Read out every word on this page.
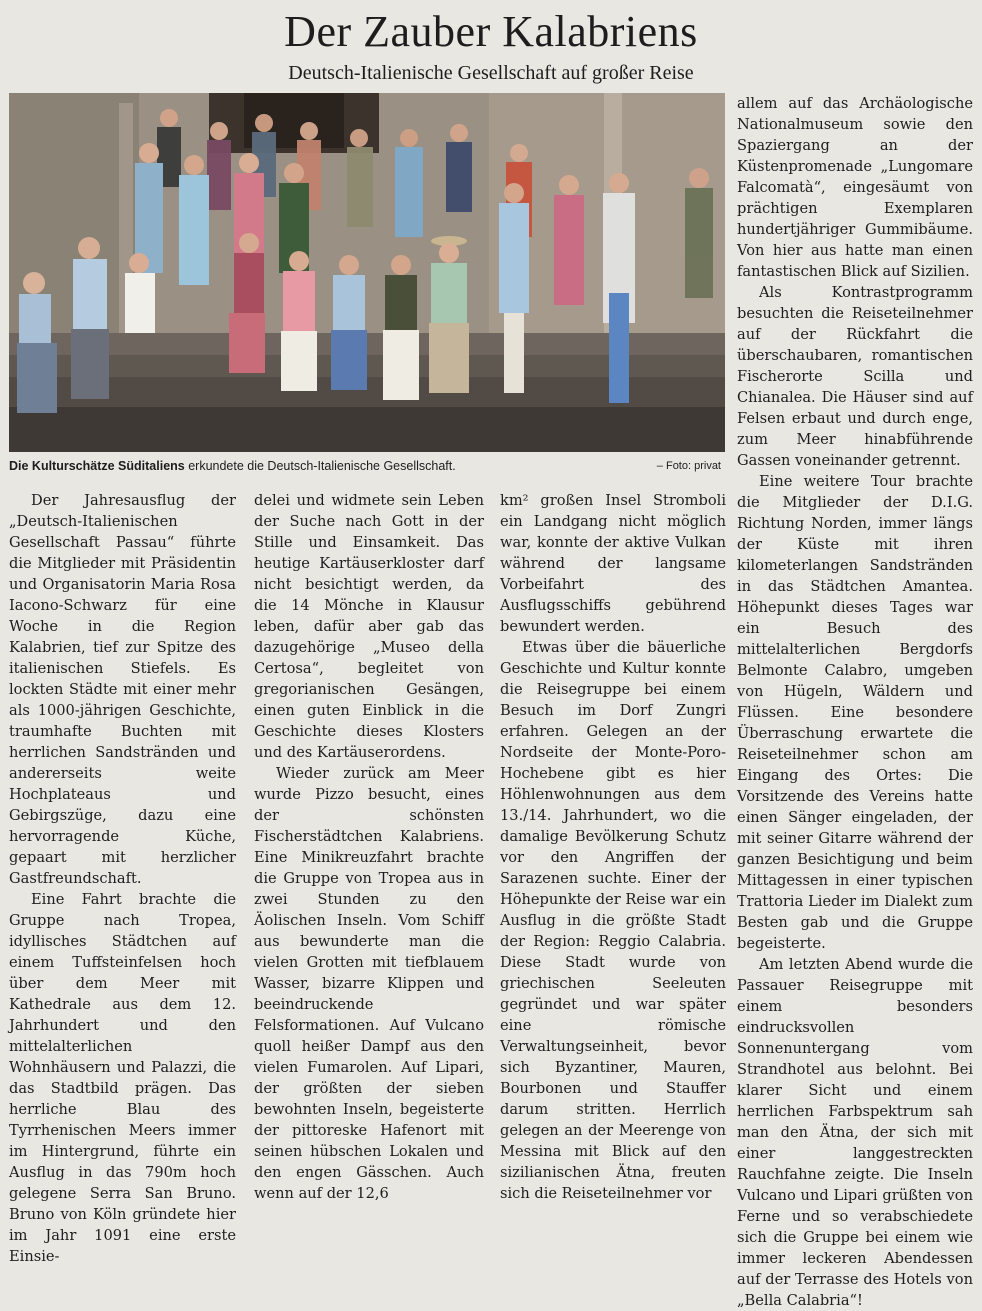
Der Zauber Kalabriens
Deutsch-Italienische Gesellschaft auf großer Reise
Die Kulturschätze Süditaliens erkundete die Deutsch-Italienische Gesellschaft.	– Foto: privat

Der Jahresausflug der „Deutsch-Italienischen Gesellschaft Passau“ führte die Mitglieder mit Präsidentin und Organisatorin Maria Rosa Iacono-Schwarz für eine Woche in die Region Kalabrien, tief zur Spitze des italienischen Stiefels. Es lockten Städte mit einer mehr als 1000-jährigen Geschichte, traumhafte Buchten mit herrlichen Sandstränden und andererseits weite Hochplateaus und Gebirgszüge, dazu eine hervorragende Küche, gepaart mit herzlicher Gastfreundschaft.

Eine Fahrt brachte die Gruppe nach Tropea, idyllisches Städtchen auf einem Tuffsteinfelsen hoch über dem Meer mit Kathedrale aus dem 12. Jahrhundert und den mittelalterlichen Wohnhäusern und Palazzi, die das Stadtbild prägen. Das herrliche Blau des Tyrrhenischen Meers immer im Hintergrund, führte ein Ausflug in das 790m hoch gelegene Serra San Bruno. Bruno von Köln gründete hier im Jahr 1091 eine erste Einsie-

delei und widmete sein Leben der Suche nach Gott in der Stille und Einsamkeit. Das heutige Kartäuserkloster darf nicht besichtigt werden, da die 14 Mönche in Klausur leben, dafür aber gab das dazugehörige „Museo della Certosa“, begleitet von gregorianischen Gesängen, einen guten Einblick in die Geschichte dieses Klosters und des Kartäuserordens.

Wieder zurück am Meer wurde Pizzo besucht, eines der schönsten Fischerstädtchen Kalabriens. Eine Minikreuzfahrt brachte die Gruppe von Tropea aus in zwei Stunden zu den Äolischen Inseln. Vom Schiff aus bewunderte man die vielen Grotten mit tiefblauem Wasser, bizarre Klippen und beeindruckende Felsformationen. Auf Vulcano quoll heißer Dampf aus den vielen Fumarolen. Auf Lipari, der größten der sieben bewohnten Inseln, begeisterte der pittoreske Hafenort mit seinen hübschen Lokalen und den engen Gässchen. Auch wenn auf der 12,6

km² großen Insel Stromboli ein Landgang nicht möglich war, konnte der aktive Vulkan während der langsame Vorbeifahrt des Ausflugsschiffs gebührend bewundert werden.

Etwas über die bäuerliche Geschichte und Kultur konnte die Reisegruppe bei einem Besuch im Dorf Zungri erfahren. Gelegen an der Nordseite der Monte-Poro-Hochebene gibt es hier Höhlenwohnungen aus dem 13./14. Jahrhundert, wo die damalige Bevölkerung Schutz vor den Angriffen der Sarazenen suchte. Einer der Höhepunkte der Reise war ein Ausflug in die größte Stadt der Region: Reggio Calabria. Diese Stadt wurde von griechischen Seeleuten gegründet und war später eine römische Verwaltungseinheit, bevor sich Byzantiner, Mauren, Bourbonen und Stauffer darum stritten. Herrlich gelegen an der Meerenge von Messina mit Blick auf den sizilianischen Ätna, freuten sich die Reiseteilnehmer vor

allem auf das Archäologische Nationalmuseum sowie den Spaziergang an der Küstenpromenade „Lungomare Falcomatà“, eingesäumt von prächtigen Exemplaren hundertjähriger Gummibäume. Von hier aus hatte man einen fantastischen Blick auf Sizilien.

Als Kontrastprogramm besuchten die Reiseteilnehmer auf der Rückfahrt die überschaubaren, romantischen Fischerorte Scilla und Chianalea. Die Häuser sind auf Felsen erbaut und durch enge, zum Meer hinabführende Gassen voneinander getrennt.

Eine weitere Tour brachte die Mitglieder der D.I.G. Richtung Norden, immer längs der Küste mit ihren kilometerlangen Sandstränden in das Städtchen Amantea. Höhepunkt dieses Tages war ein Besuch des mittelalterlichen Bergdorfs Belmonte Calabro, umgeben von Hügeln, Wäldern und Flüssen. Eine besondere Überraschung erwartete die Reiseteilnehmer schon am Eingang des Ortes: Die Vorsitzende des Vereins hatte einen Sänger eingeladen, der mit seiner Gitarre während der ganzen Besichtigung und beim Mittagessen in einer typischen Trattoria Lieder im Dialekt zum Besten gab und die Gruppe begeisterte.

Am letzten Abend wurde die Passauer Reisegruppe mit einem besonders eindrucksvollen Sonnenuntergang vom Strandhotel aus belohnt. Bei klarer Sicht und einem herrlichen Farbspektrum sah man den Ätna, der sich mit einer langgestreckten Rauchfahne zeigte. Die Inseln Vulcano und Lipari grüßten von Ferne und so verabschiedete sich die Gruppe bei einem wie immer leckeren Abendessen auf der Terrasse des Hotels von „Bella Calabria“!
